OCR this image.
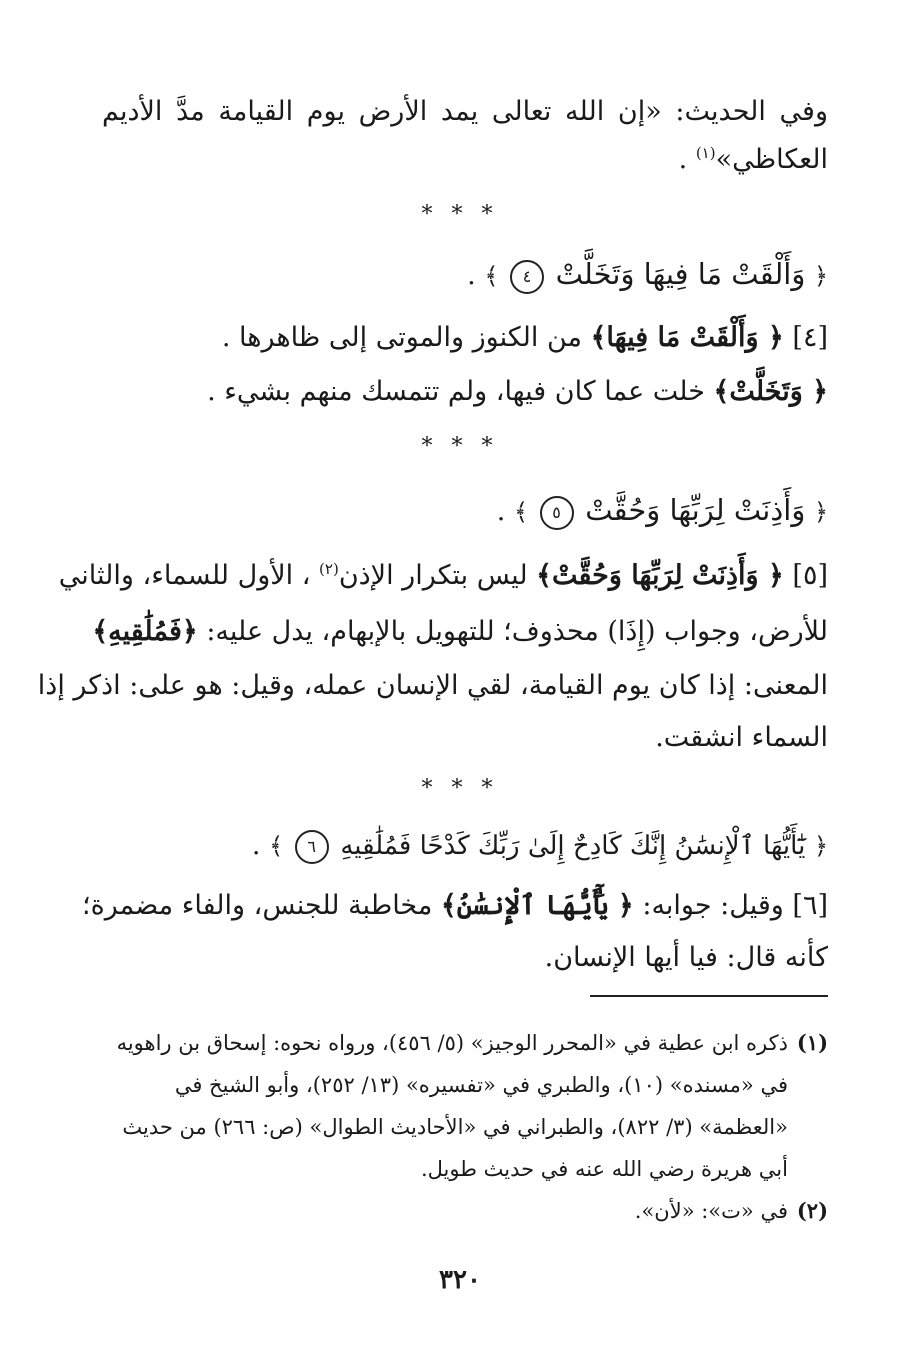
وفي الحديث: «إن الله تعالى يمد الأرض يوم القيامة مدَّ الأديم
العكاظي»$^{(١)}$ .
* * *
﴿ وَأَلْقَتْ مَا فِيهَا وَتَخَلَّتْ ٤ ﴾ .
[٤] ﴿ وَأَلْقَتْ مَا فِيهَا﴾ من الكنوز والموتى إلى ظاهرها .
﴿ وَتَخَلَّتْ﴾ خلت عما كان فيها، ولم تتمسك منهم بشيء .
* * *
﴿ وَأَذِنَتْ لِرَبِّهَا وَحُقَّتْ ٥ ﴾ .
[٥] ﴿ وَأَذِنَتْ لِرَبِّهَا وَحُقَّتْ﴾ ليس بتكرار الإذن$^{(٢)}$ ، الأول للسماء، والثاني
للأرض، وجواب (إِذَا) محذوف؛ للتهويل بالإبهام، يدل عليه: ﴿فَمُلَٰقِيهِ﴾
المعنى: إذا كان يوم القيامة، لقي الإنسان عمله، وقيل: هو على: اذكر إذا
السماء انشقت.
* * *
﴿ يَٰٓأَيُّهَا ٱلْإِنسَٰنُ إِنَّكَ كَادِحٌ إِلَىٰ رَبِّكَ كَدْحًا فَمُلَٰقِيهِ ٦ ﴾ .
[٦] وقيل: جوابه: ﴿ يَٰٓأَيُّهَا ٱلْإِنسَٰنُ﴾ مخاطبة للجنس، والفاء مضمرة؛
كأنه قال: فيا أيها الإنسان.
(١)
ذكره ابن عطية في «المحرر الوجيز» (٥/ ٤٥٦)، ورواه نحوه: إسحاق بن راهويه
في «مسنده» (١٠)، والطبري في «تفسيره» (١٣/ ٢٥٢)، وأبو الشيخ في
«العظمة» (٣/ ٨٢٢)، والطبراني في «الأحاديث الطوال» (ص: ٢٦٦) من حديث
أبي هريرة رضي الله عنه في حديث طويل.
(٢)
في «ت»: «لأن».
٣٢٠
